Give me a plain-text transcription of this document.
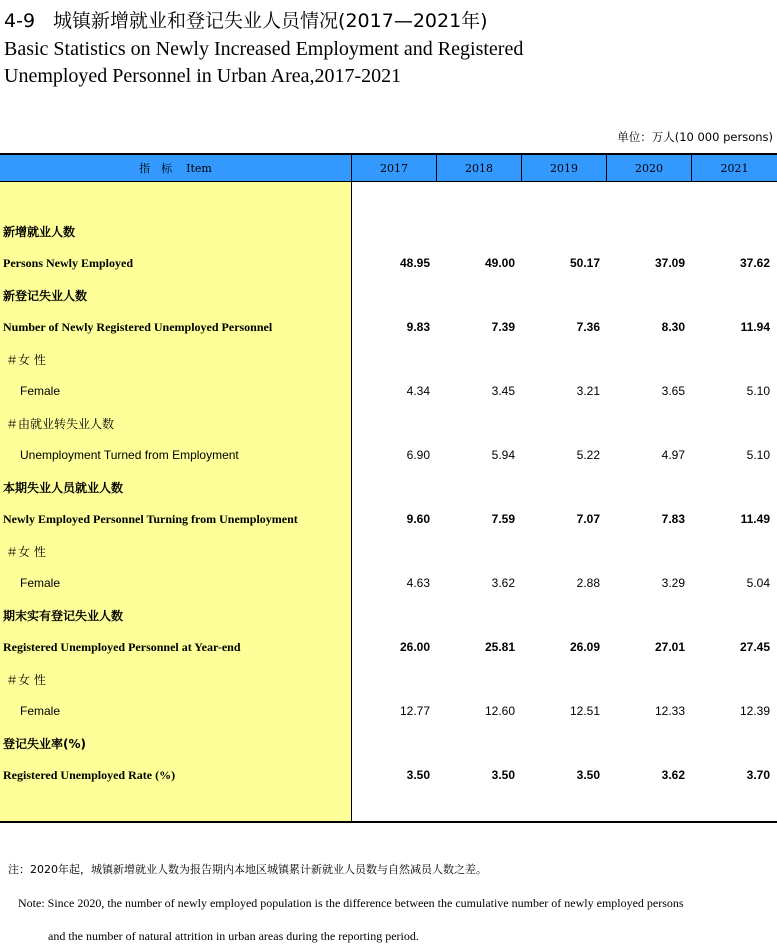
4-9 城镇新增就业和登记失业人员情况(2017—2021年)
Basic Statistics on Newly Increased Employment and Registered
Unemployed Personnel in Urban Area,2017-2021
单位：万人(10 000 persons)
指　标 Item	2017	2018	2019	2020	2021
新增就业人数
Persons Newly Employed	48.95	49.00	50.17	37.09	37.62
新登记失业人数
Number of Newly Registered Unemployed Personnel	9.83	7.39	7.36	8.30	11.94
＃女 性
Female	4.34	3.45	3.21	3.65	5.10
＃由就业转失业人数
Unemployment Turned from Employment	6.90	5.94	5.22	4.97	5.10
本期失业人员就业人数
Newly Employed Personnel Turning from Unemployment	9.60	7.59	7.07	7.83	11.49
＃女 性
Female	4.63	3.62	2.88	3.29	5.04
期末实有登记失业人数
Registered Unemployed Personnel at Year-end	26.00	25.81	26.09	27.01	27.45
＃女 性
Female	12.77	12.60	12.51	12.33	12.39
登记失业率(%)
Registered Unemployed Rate (%)	3.50	3.50	3.50	3.62	3.70
注：2020年起，城镇新增就业人数为报告期内本地区城镇累计新就业人员数与自然减员人数之差。
Note: Since 2020, the number of newly employed population is the difference between the cumulative number of newly employed persons
and the number of natural attrition in urban areas during the reporting period.
